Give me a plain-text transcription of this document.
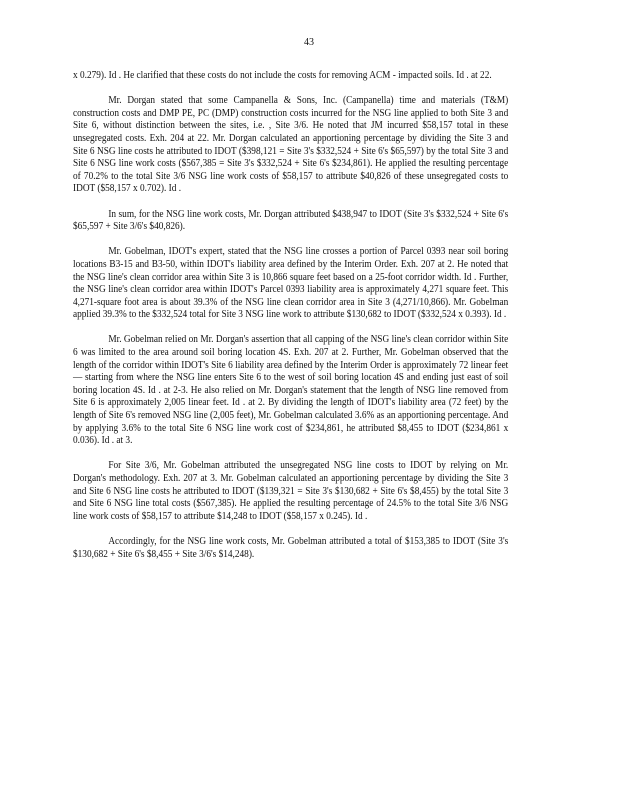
43

x 0.279). Id . He clarified that these costs do not include the costs for removing ACM - impacted soils. Id . at 22.

Mr. Dorgan stated that some Campanella & Sons, Inc. (Campanella) time and materials (T&M) construction costs and DMP PE, PC (DMP) construction costs incurred for the NSG line applied to both Site 3 and Site 6, without distinction between the sites, i.e. , Site 3/6. He noted that JM incurred $58,157 total in these unsegregated costs. Exh. 204 at 22. Mr. Dorgan calculated an apportioning percentage by dividing the Site 3 and Site 6 NSG line costs he attributed to IDOT ($398,121 = Site 3's $332,524 + Site 6's $65,597) by the total Site 3 and Site 6 NSG line work costs ($567,385 = Site 3's $332,524 + Site 6's $234,861). He applied the resulting percentage of 70.2% to the total Site 3/6 NSG line work costs of $58,157 to attribute $40,826 of these unsegregated costs to IDOT ($58,157 x 0.702). Id .

In sum, for the NSG line work costs, Mr. Dorgan attributed $438,947 to IDOT (Site 3's $332,524 + Site 6's $65,597 + Site 3/6's $40,826).

Mr. Gobelman, IDOT's expert, stated that the NSG line crosses a portion of Parcel 0393 near soil boring locations B3-15 and B3-50, within IDOT's liability area defined by the Interim Order. Exh. 207 at 2. He noted that the NSG line's clean corridor area within Site 3 is 10,866 square feet based on a 25-foot corridor width. Id . Further, the NSG line's clean corridor area within IDOT's Parcel 0393 liability area is approximately 4,271 square feet. This 4,271-square foot area is about 39.3% of the NSG line clean corridor area in Site 3 (4,271/10,866). Mr. Gobelman applied 39.3% to the $332,524 total for Site 3 NSG line work to attribute $130,682 to IDOT ($332,524 x 0.393). Id .

Mr. Gobelman relied on Mr. Dorgan's assertion that all capping of the NSG line's clean corridor within Site 6 was limited to the area around soil boring location 4S. Exh. 207 at 2. Further, Mr. Gobelman observed that the length of the corridor within IDOT's Site 6 liability area defined by the Interim Order is approximately 72 linear feet — starting from where the NSG line enters Site 6 to the west of soil boring location 4S and ending just east of soil boring location 4S. Id . at 2-3. He also relied on Mr. Dorgan's statement that the length of NSG line removed from Site 6 is approximately 2,005 linear feet. Id . at 2. By dividing the length of IDOT's liability area (72 feet) by the length of Site 6's removed NSG line (2,005 feet), Mr. Gobelman calculated 3.6% as an apportioning percentage. And by applying 3.6% to the total Site 6 NSG line work cost of $234,861, he attributed $8,455 to IDOT ($234,861 x 0.036). Id . at 3.

For Site 3/6, Mr. Gobelman attributed the unsegregated NSG line costs to IDOT by relying on Mr. Dorgan's methodology. Exh. 207 at 3. Mr. Gobelman calculated an apportioning percentage by dividing the Site 3 and Site 6 NSG line costs he attributed to IDOT ($139,321 = Site 3's $130,682 + Site 6's $8,455) by the total Site 3 and Site 6 NSG line total costs ($567,385). He applied the resulting percentage of 24.5% to the total Site 3/6 NSG line work costs of $58,157 to attribute $14,248 to IDOT ($58,157 x 0.245). Id .

Accordingly, for the NSG line work costs, Mr. Gobelman attributed a total of $153,385 to IDOT (Site 3's $130,682 + Site 6's $8,455 + Site 3/6's $14,248).
